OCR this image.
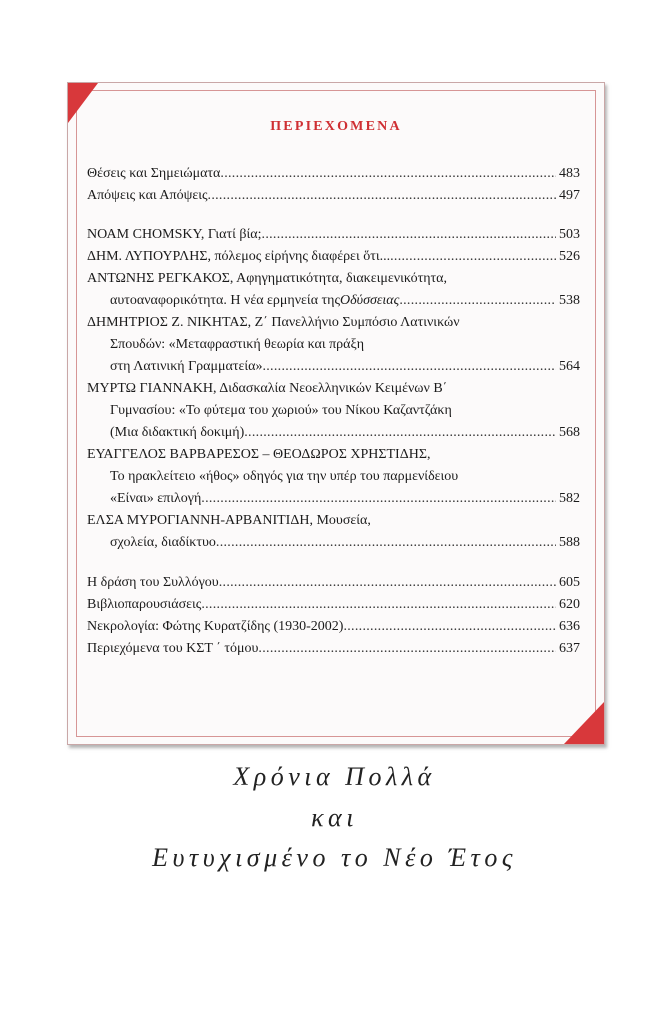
ΠΕΡΙΕΧΟΜΕΝΑ
Θέσεις και Σημειώματα . . .	483
Απόψεις και Απόψεις . . .	497
ΝΟΑΜ CHOMSKY, Γιατί βία; . . .	503
ΔΗΜ. ΛΥΠΟΥΡΛΗΣ, πόλεμος εἰρήνης διαφέρει ὅτι... . . .	526
ΑΝΤΩΝΗΣ ΡΕΓΚΑΚΟΣ, Αφηγηματικότητα, διακειμενικότητα,
αυτοαναφορικότητα. Η νέα ερμηνεία της Οδύσσειας . . .	538
ΔΗΜΗΤΡΙΟΣ Ζ. ΝΙΚΗΤΑΣ, Ζ΄ Πανελλήνιο Συμπόσιο Λατινικών
Σπουδών: «Μεταφραστική θεωρία και πράξη
στη Λατινική Γραμματεία» . . .	564
ΜΥΡΤΩ ΓΙΑΝΝΑΚΗ, Διδασκαλία Νεοελληνικών Κειμένων Β΄
Γυμνασίου: «Το φύτεμα του χωριού» του Νίκου Καζαντζάκη
(Μια διδακτική δοκιμή) . . .	568
ΕΥΑΓΓΕΛΟΣ ΒΑΡΒΑΡΕΣΟΣ – ΘΕΟΔΩΡΟΣ ΧΡΗΣΤΙΔΗΣ,
Το ηρακλείτειο «ήθος» οδηγός για την υπέρ του παρμενίδειου
«Είναι» επιλογή . . .	582
ΕΛΣΑ ΜΥΡΟΓΙΑΝΝΗ-ΑΡΒΑΝΙΤΙΔΗ, Μουσεία,
σχολεία, διαδίκτυο . . .	588
Η δράση του Συλλόγου . . .	605
Βιβλιοπαρουσιάσεις . . .	620
Νεκρολογία: Φώτης Κυρατζίδης (1930-2002) . . .	636
Περιεχόμενα του ΚΣΤ ΄ τόμου . . .	637
Χρόνια Πολλά
και
Ευτυχισμένο το Νέο Έτος
